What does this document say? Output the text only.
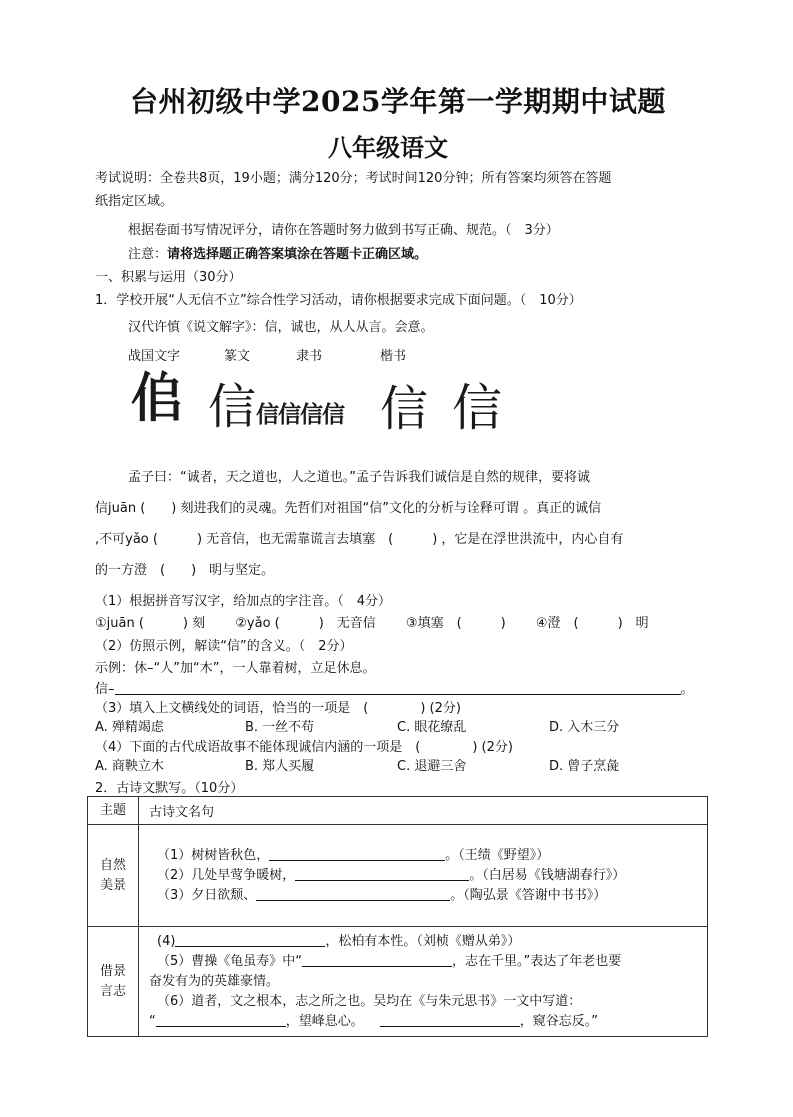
台州初级中学2025学年第一学期期中试题
八年级语文
考试说明：全卷共8页，19小题；满分120分；考试时间120分钟；所有答案均须答在答题
纸指定区域。
根据卷面书写情况评分，请你在答题时努力做到书写正确、规范。（　3分）
注意：请将选择题正确答案填涂在答题卡正确区域。
一、积累与运用（30分）
1．学校开展“人无信不立”综合性学习活动，请你根据要求完成下面问题。（　10分）
汉代许慎《说文解字》：信，诚也，从人从言。会意。
战国文字	篆文	隶书	楷书
𠈆 信 信信信信 信 信
孟子曰：“诚者，天之道也，人之道也。”孟子告诉我们诚信是自然的规律，要将诚
信juān (　　) 刻进我们的灵魂。先哲们对祖国“信”文化的分析与诠释可谓 。真正的诚信
,不可yǎo (　　　) 无音信，也无需靠谎言去填塞　(　　　) ，它是在浮世洪流中，内心自有
的一方澄　(　　)　明与坚定。
（1）根据拼音写汉字，给加点的字注音。（　4分）
①juān (　　　) 刻　　 ②yǎo (　　　)　无音信　　 ③填塞　(　　　)　　 ④澄　(　　　)　明
（2）仿照示例，解读“信”的含义。（　2分）
示例：休–“人”加“木”，一人靠着树，立足休息。
信–	。
（3）填入上文横线处的词语，恰当的一项是　(　　　　) (2分)
A. 殚精竭虑	B. 一丝不苟	C. 眼花缭乱	D. 入木三分
（4）下面的古代成语故事不能体现诚信内涵的一项是　(　　　　) (2分)
A. 商鞅立木	B. 郑人买履	C. 退避三舍	D. 曾子烹彘
2．古诗文默写。（10分）
主题	古诗文名句

自然美景	（1）树树皆秋色， 。（王绩《野望》）
（2）几处早莺争暖树， 。（白居易《钱塘湖春行》）
（3）夕日欲颓、 。（陶弘景《答谢中书书》）

借景言志	(4) ，松柏有本性。（刘桢《赠从弟》）
（5）曹操《龟虽寿》中“ ，志在千里。”表达了年老也要
奋发有为的英雄豪情。
（6）道者，文之根本，志之所之也。吴均在《与朱元思书》一文中写道：
“ ，望峰息心。 ，窥谷忘反。”
